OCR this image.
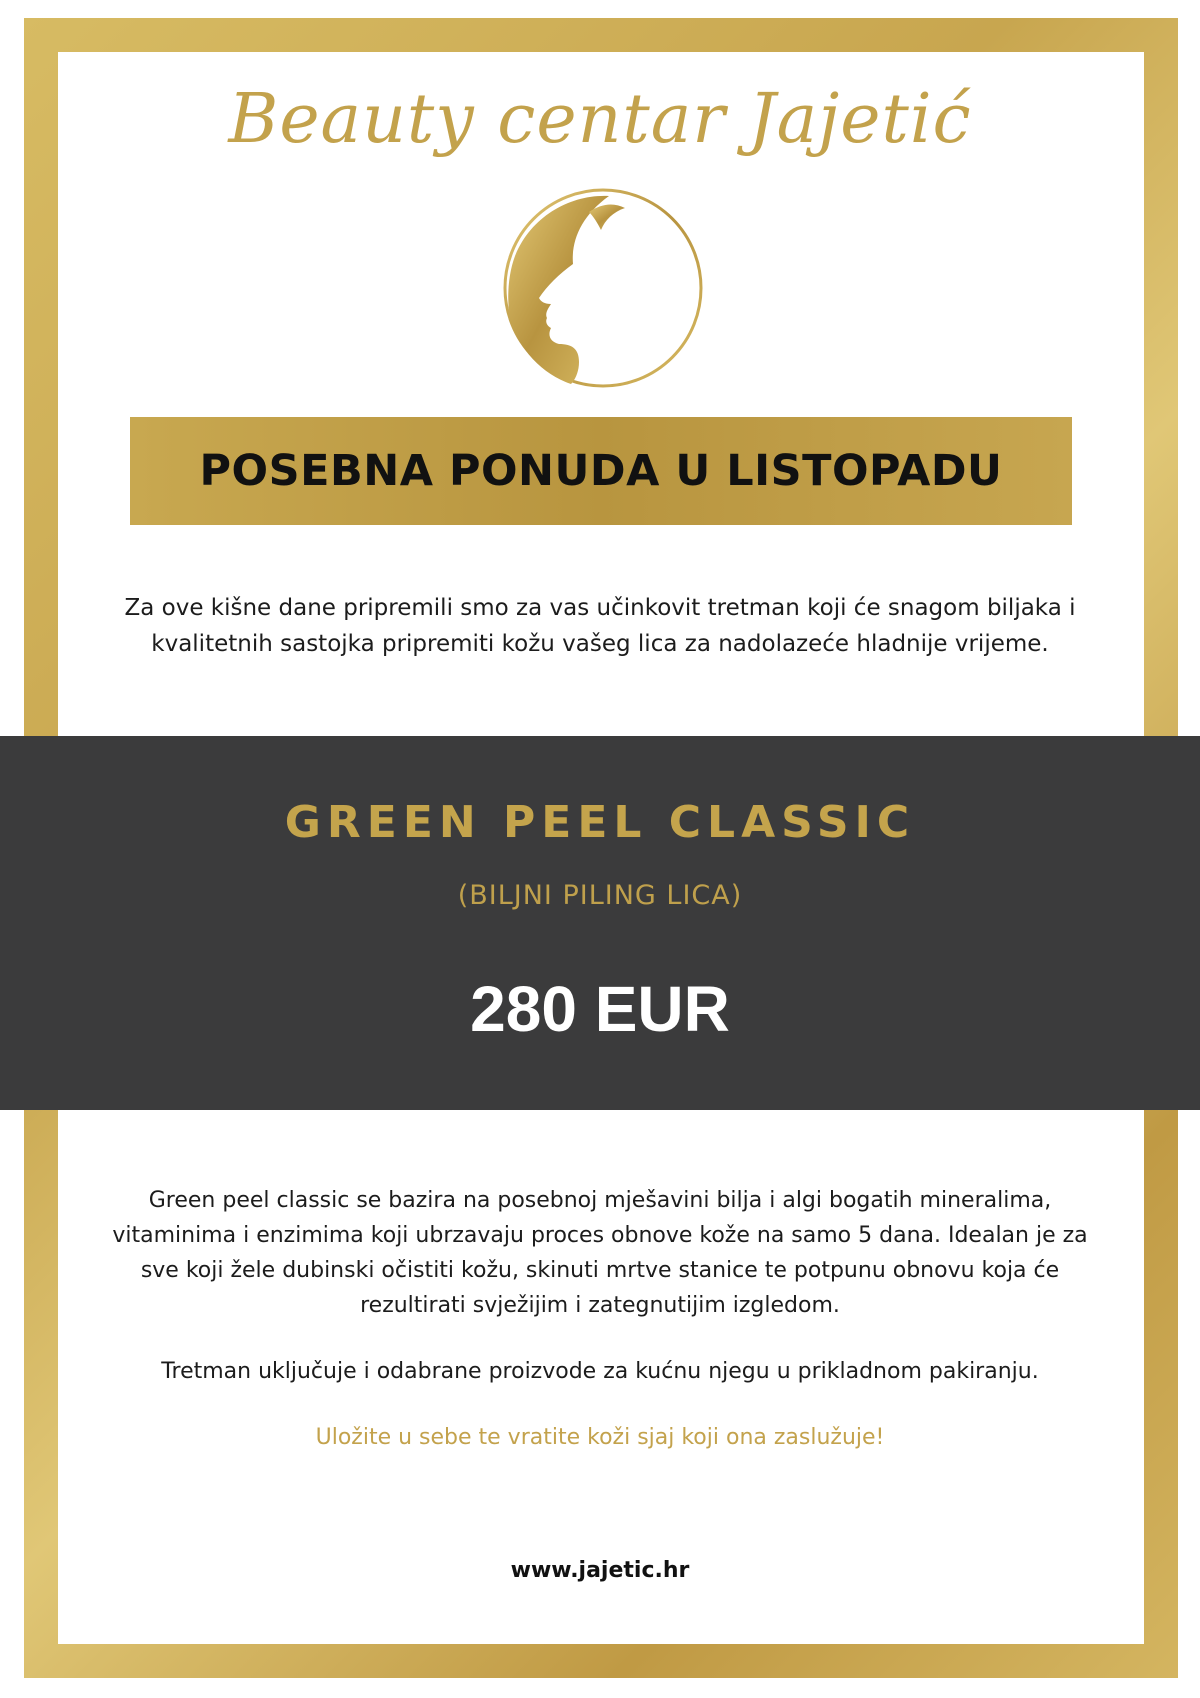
Beauty centar Jajetić
POSEBNA PONUDA U LISTOPADU
Za ove kišne dane pripremili smo za vas učinkovit tretman koji će snagom biljaka i kvalitetnih sastojka pripremiti kožu vašeg lica za nadolazeće hladnije vrijeme.
GREEN PEEL CLASSIC
(BILJNI PILING LICA)
280 EUR

Green peel classic se bazira na posebnoj mješavini bilja i algi bogatih mineralima, vitaminima i enzimima koji ubrzavaju proces obnove kože na samo 5 dana. Idealan je za sve koji žele dubinski očistiti kožu, skinuti mrtve stanice te potpunu obnovu koja će rezultirati svježijim i zategnutijim izgledom.

Tretman uključuje i odabrane proizvode za kućnu njegu u prikladnom pakiranju.

Uložite u sebe te vratite koži sjaj koji ona zaslužuje!

www.jajetic.hr
